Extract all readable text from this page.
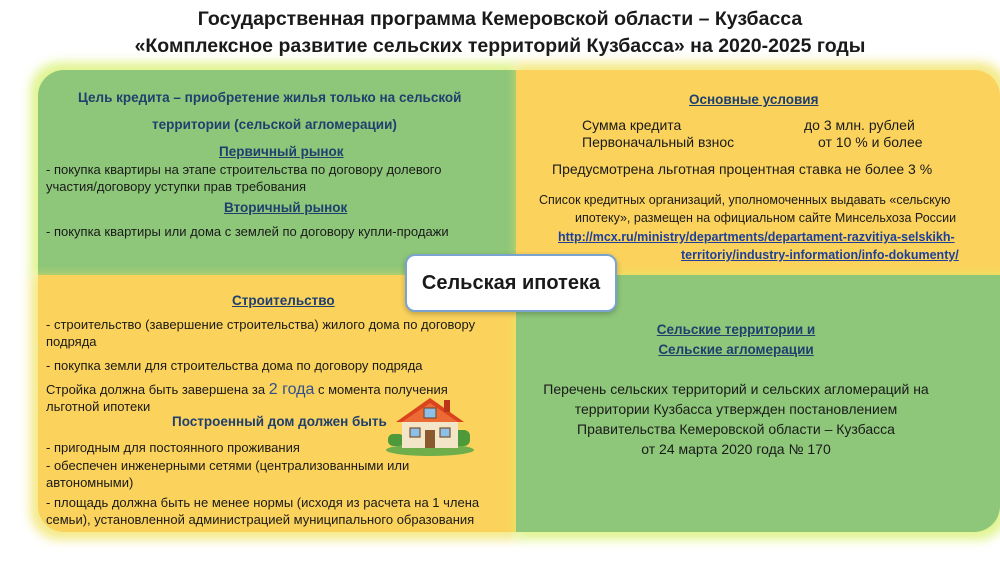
Государственная программа Кемеровской области – Кузбасса
«Комплексное развитие сельских территорий Кузбасса» на 2020-2025 годы
Цель кредита – приобретение жилья только на сельской
территории (сельской агломерации)
Первичный рынок
- покупка квартиры на этапе строительства по договору долевого
участия/договору уступки прав требования
Вторичный рынок
- покупка квартиры или дома с землей по договору купли-продажи
Основные условия
Сумма кредита	до 3 млн. рублей
Первоначальный взнос	от 10 % и более
Предусмотрена льготная процентная ставка не более 3 %
Список кредитных организаций, уполномоченных выдавать «сельскую
ипотеку», размещен на официальном сайте Минсельхоза России
http://mcx.ru/ministry/departments/departament-razvitiya-selskikh-
territoriy/industry-information/info-dokumenty/
Сельская ипотека
Строительство
- строительство (завершение строительства) жилого дома по договору
подряда
- покупка земли для строительства дома по договору подряда
Стройка должна быть завершена за 2 года с момента получения
льготной ипотеки
Построенный дом должен быть
- пригодным для постоянного проживания
- обеспечен инженерными сетями (централизованными или
автономными)
- площадь должна быть не менее нормы (исходя из расчета на 1 члена
семьи), установленной администрацией муниципального образования
Сельские территории и
Сельские агломерации
Перечень сельских территорий и сельских агломераций на
территории Кузбасса утвержден постановлением
Правительства Кемеровской области – Кузбасса
от 24 марта 2020 года № 170
